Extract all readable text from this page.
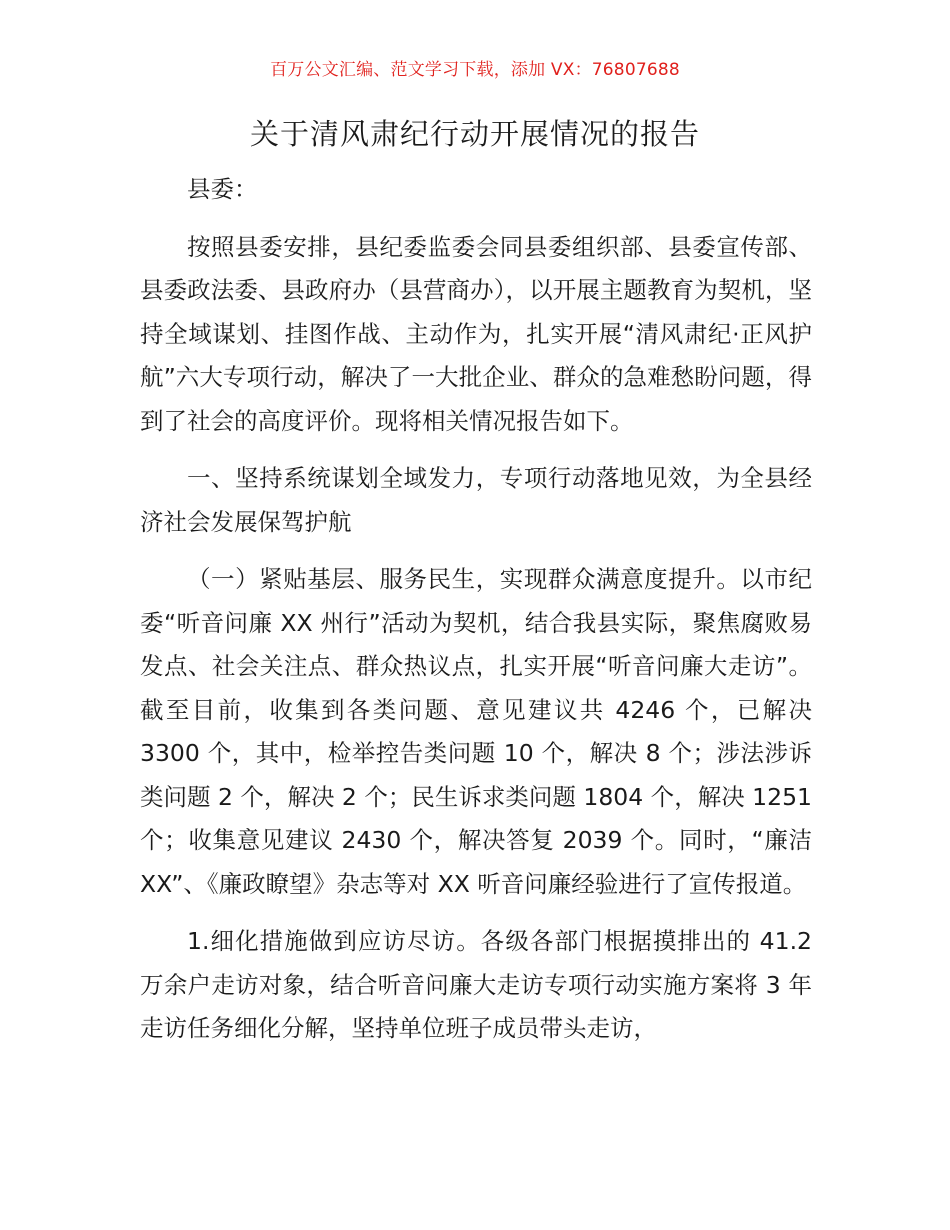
百万公文汇编、范文学习下载，添加 VX：76807688
关于清风肃纪行动开展情况的报告

县委：

按照县委安排，县纪委监委会同县委组织部、县委宣传部、县委政法委、县政府办（县营商办），以开展主题教育为契机，坚持全域谋划、挂图作战、主动作为，扎实开展“清风肃纪·正风护航”六大专项行动，解决了一大批企业、群众的急难愁盼问题，得到了社会的高度评价。现将相关情况报告如下。

一、坚持系统谋划全域发力，专项行动落地见效，为全县经济社会发展保驾护航

（一）紧贴基层、服务民生，实现群众满意度提升。以市纪委“听音问廉 XX 州行”活动为契机，结合我县实际，聚焦腐败易发点、社会关注点、群众热议点，扎实开展“听音问廉大走访”。截至目前，收集到各类问题、意见建议共 4246 个，已解决 3300 个，其中，检举控告类问题 10 个，解决 8 个；涉法涉诉类问题 2 个，解决 2 个；民生诉求类问题 1804 个，解决 1251 个；收集意见建议 2430 个，解决答复 2039 个。同时，“廉洁 XX”、《廉政瞭望》杂志等对 XX 听音问廉经验进行了宣传报道。

1.细化措施做到应访尽访。各级各部门根据摸排出的 41.2 万余户走访对象，结合听音问廉大走访专项行动实施方案将 3 年走访任务细化分解，坚持单位班子成员带头走访，
